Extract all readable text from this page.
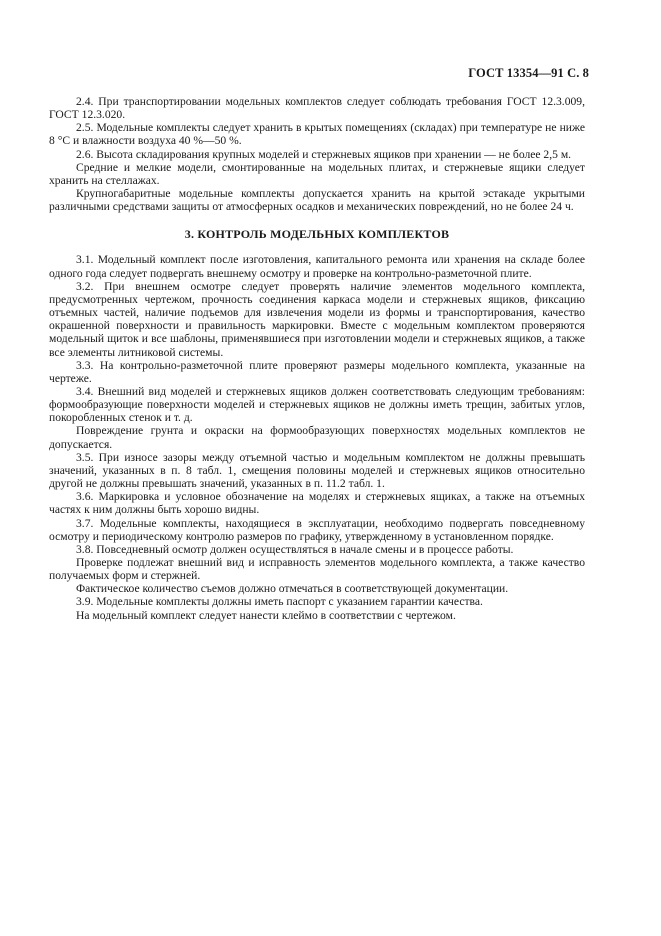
ГОСТ 13354—91 С. 8

2.4. При транспортировании модельных комплектов следует соблюдать требования ГОСТ 12.3.009, ГОСТ 12.3.020.

2.5. Модельные комплекты следует хранить в крытых помещениях (складах) при температуре не ниже 8 °С и влажности воздуха 40 %—50 %.

2.6. Высота складирования крупных моделей и стержневых ящиков при хранении — не более 2,5 м.

Средние и мелкие модели, смонтированные на модельных плитах, и стержневые ящики следует хранить на стеллажах.

Крупногабаритные модельные комплекты допускается хранить на крытой эстакаде укрытыми различными средствами защиты от атмосферных осадков и механических повреждений, но не более 24 ч.

3. КОНТРОЛЬ МОДЕЛЬНЫХ КОМПЛЕКТОВ

3.1. Модельный комплект после изготовления, капитального ремонта или хранения на складе более одного года следует подвергать внешнему осмотру и проверке на контрольно-разметочной плите.

3.2. При внешнем осмотре следует проверять наличие элементов модельного комплекта, предусмотренных чертежом, прочность соединения каркаса модели и стержневых ящиков, фиксацию отъемных частей, наличие подъемов для извлечения модели из формы и транспортирования, качество окрашенной поверхности и правильность маркировки. Вместе с модельным комплектом проверяются модельный щиток и все шаблоны, применявшиеся при изготовлении модели и стержневых ящиков, а также все элементы литниковой системы.

3.3. На контрольно-разметочной плите проверяют размеры модельного комплекта, указанные на чертеже.

3.4. Внешний вид моделей и стержневых ящиков должен соответствовать следующим требованиям: формообразующие поверхности моделей и стержневых ящиков не должны иметь трещин, забитых углов, покоробленных стенок и т. д.

Повреждение грунта и окраски на формообразующих поверхностях модельных комплектов не допускается.

3.5. При износе зазоры между отъемной частью и модельным комплектом не должны превышать значений, указанных в п. 8 табл. 1, смещения половины моделей и стержневых ящиков относительно другой не должны превышать значений, указанных в п. 11.2 табл. 1.

3.6. Маркировка и условное обозначение на моделях и стержневых ящиках, а также на отъемных частях к ним должны быть хорошо видны.

3.7. Модельные комплекты, находящиеся в эксплуатации, необходимо подвергать повседневному осмотру и периодическому контролю размеров по графику, утвержденному в установленном порядке.

3.8. Повседневный осмотр должен осуществляться в начале смены и в процессе работы.

Проверке подлежат внешний вид и исправность элементов модельного комплекта, а также качество получаемых форм и стержней.

Фактическое количество съемов должно отмечаться в соответствующей документации.

3.9. Модельные комплекты должны иметь паспорт с указанием гарантии качества.

На модельный комплект следует нанести клеймо в соответствии с чертежом.
